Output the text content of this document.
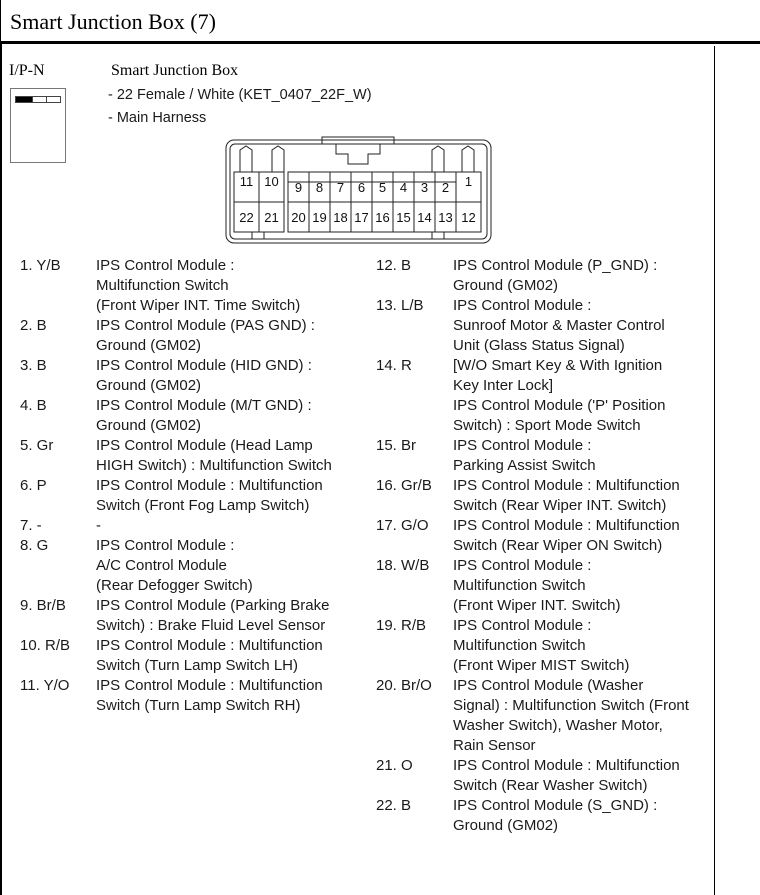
Smart Junction Box (7)
I/P-N	Smart Junction Box
- 22 Female / White (KET_0407_22F_W)
- Main Harness
11 10 9 8 7 6 5 4 3 2 1
22 21 20 19 18 17 16 15 14 13 12
1. Y/B IPS Control Module :
Multifunction Switch
(Front Wiper INT. Time Switch)
2. B	IPS Control Module (PAS GND) :
Ground (GM02)
3. B	IPS Control Module (HID GND) :
Ground (GM02)
4. B	IPS Control Module (M/T GND) :
Ground (GM02)
5. Gr	IPS Control Module (Head Lamp
HIGH Switch) : Multifunction Switch
6. P	IPS Control Module : Multifunction
Switch (Front Fog Lamp Switch)
7. -	-
8. G	IPS Control Module :
A/C Control Module
(Rear Defogger Switch)
9. Br/B IPS Control Module (Parking Brake
Switch) : Brake Fluid Level Sensor
10. R/B IPS Control Module : Multifunction
Switch (Turn Lamp Switch LH)
11. Y/O IPS Control Module : Multifunction
Switch (Turn Lamp Switch RH)
12. B	IPS Control Module (P_GND) :
Ground (GM02)
13. L/B IPS Control Module :
Sunroof Motor & Master Control
Unit (Glass Status Signal)
14. R	[W/O Smart Key & With Ignition
Key Inter Lock]
IPS Control Module ('P' Position
Switch) : Sport Mode Switch
15. Br IPS Control Module :
Parking Assist Switch
16. Gr/B IPS Control Module : Multifunction
Switch (Rear Wiper INT. Switch)
17. G/O IPS Control Module : Multifunction
Switch (Rear Wiper ON Switch)
18. W/B IPS Control Module :
Multifunction Switch
(Front Wiper INT. Switch)
19. R/B IPS Control Module :
Multifunction Switch
(Front Wiper MIST Switch)
20. Br/O IPS Control Module (Washer
Signal) : Multifunction Switch (Front
Washer Switch), Washer Motor,
Rain Sensor
21. O	IPS Control Module : Multifunction
Switch (Rear Washer Switch)
22. B	IPS Control Module (S_GND) :
Ground (GM02)
